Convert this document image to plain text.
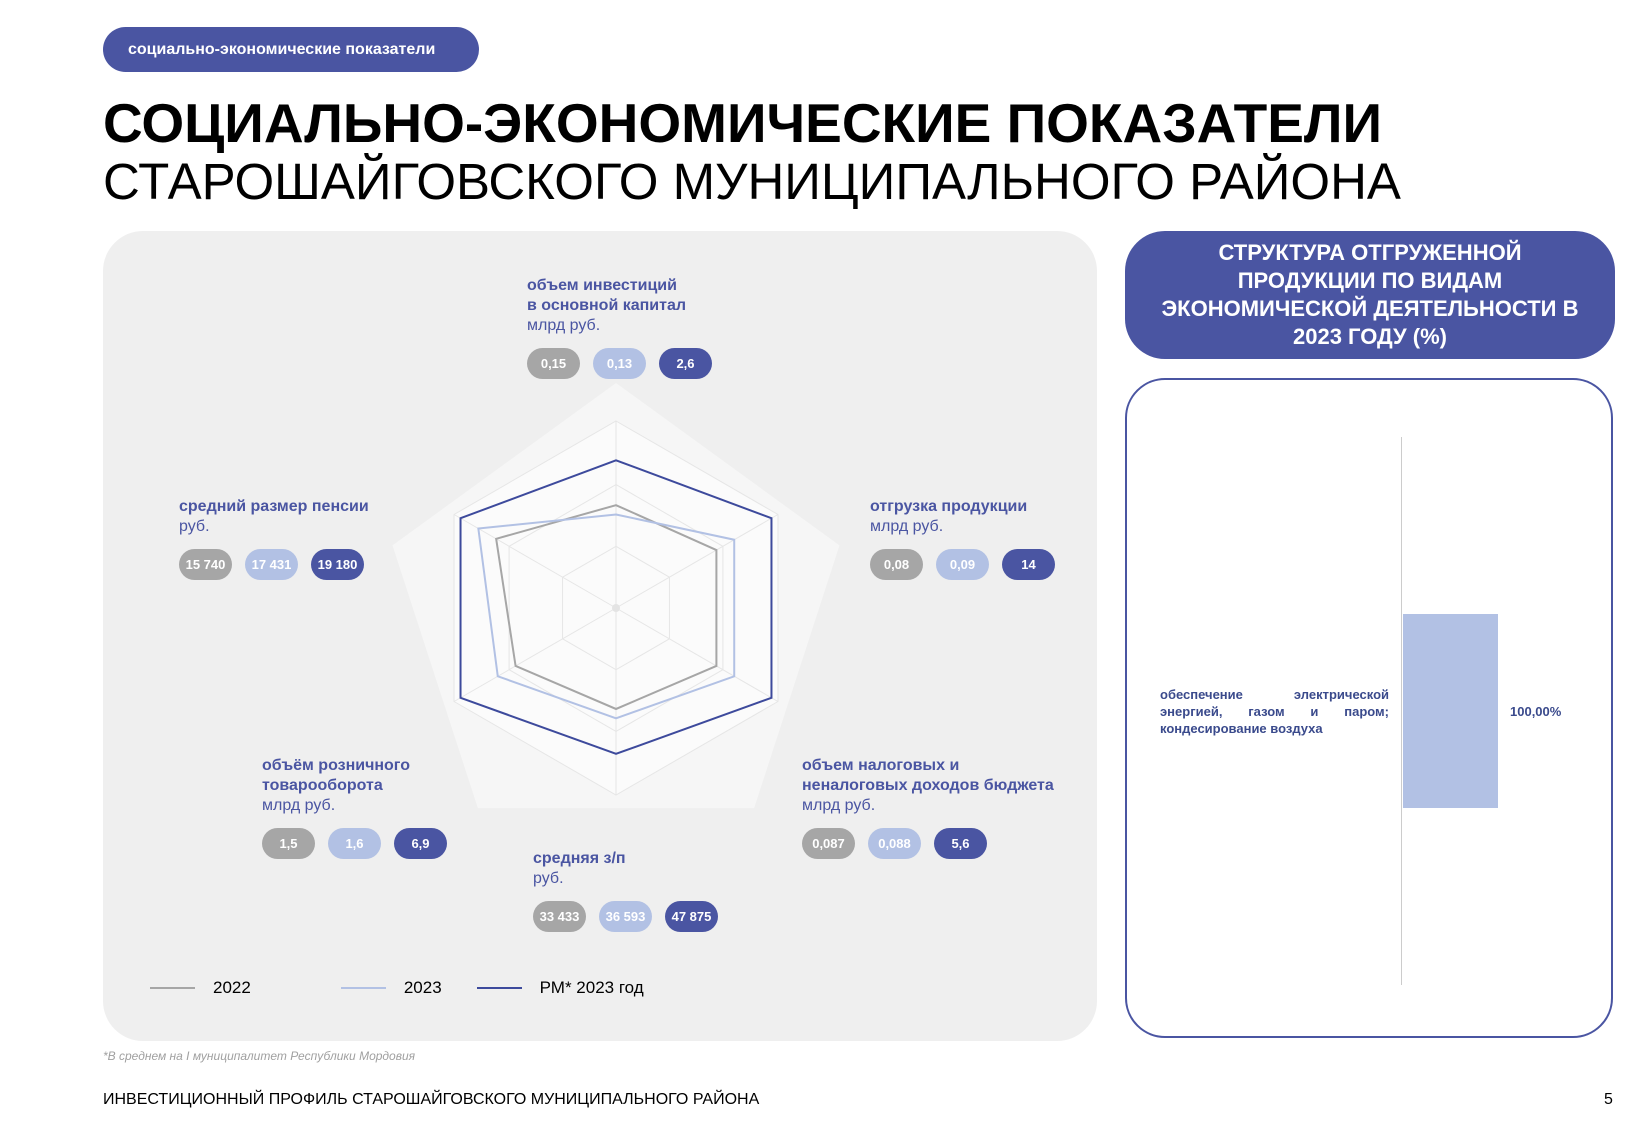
социально-экономические показатели
СОЦИАЛЬНО-ЭКОНОМИЧЕСКИЕ ПОКАЗАТЕЛИ
СТАРОШАЙГОВСКОГО МУНИЦИПАЛЬНОГО РАЙОНА
объем инвестиций
в основной капитал
млрд руб.
0,15	0,13	2,6
отгрузка продукции
млрд руб.
0,08	0,09	14
объем налоговых и
неналоговых доходов бюджета
млрд руб.
0,087	0,088	5,6
средняя з/п
руб.
33 433	36 593	47 875
объём розничного
товарооборота
млрд руб.
1,5	1,6	6,9
средний размер пенсии
руб.
15 740	17 431	19 180
2022	2023	РМ* 2023 год
*В среднем на I муниципалитет Республики Мордовия
ИНВЕСТИЦИОННЫЙ ПРОФИЛЬ СТАРОШАЙГОВСКОГО МУНИЦИПАЛЬНОГО РАЙОНА	5
СТРУКТУРА ОТГРУЖЕННОЙ ПРОДУКЦИИ ПО ВИДАМ ЭКОНОМИЧЕСКОЙ ДЕЯТЕЛЬНОСТИ В 2023 ГОДУ (%)
обеспечение электрической энергией, газом и паром; кондесирование воздуха
100,00%
